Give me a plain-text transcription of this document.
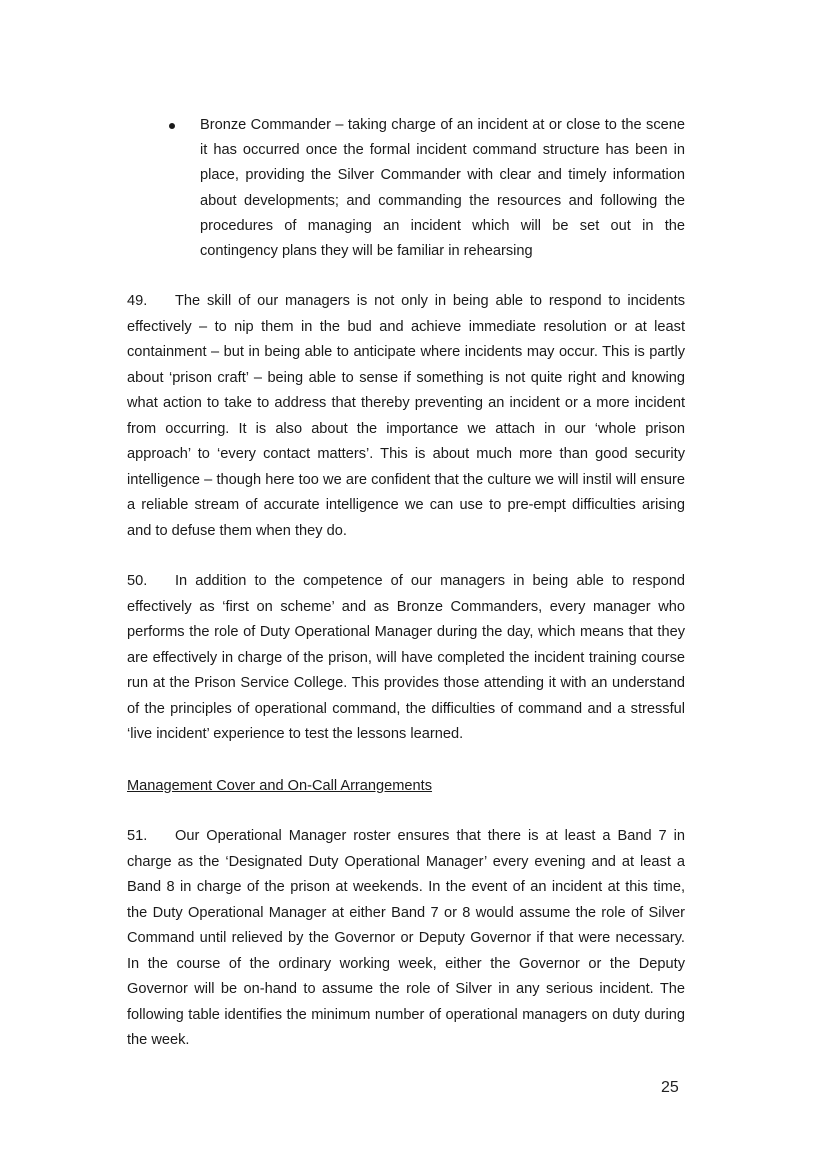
Bronze Commander – taking charge of an incident at or close to the scene it has occurred once the formal incident command structure has been in place, providing the Silver Commander with clear and timely information about developments; and commanding the resources and following the procedures of managing an incident which will be set out in the contingency plans they will be familiar in rehearsing
49. The skill of our managers is not only in being able to respond to incidents effectively – to nip them in the bud and achieve immediate resolution or at least containment – but in being able to anticipate where incidents may occur. This is partly about ‘prison craft’ – being able to sense if something is not quite right and knowing what action to take to address that thereby preventing an incident or a more incident from occurring. It is also about the importance we attach in our ‘whole prison approach’ to ‘every contact matters’. This is about much more than good security intelligence – though here too we are confident that the culture we will instil will ensure a reliable stream of accurate intelligence we can use to pre-empt difficulties arising and to defuse them when they do.
50. In addition to the competence of our managers in being able to respond effectively as ‘first on scheme’ and as Bronze Commanders, every manager who performs the role of Duty Operational Manager during the day, which means that they are effectively in charge of the prison, will have completed the incident training course run at the Prison Service College. This provides those attending it with an understand of the principles of operational command, the difficulties of command and a stressful ‘live incident’ experience to test the lessons learned.
Management Cover and On-Call Arrangements
51. Our Operational Manager roster ensures that there is at least a Band 7 in charge as the ‘Designated Duty Operational Manager’ every evening and at least a Band 8 in charge of the prison at weekends. In the event of an incident at this time, the Duty Operational Manager at either Band 7 or 8 would assume the role of Silver Command until relieved by the Governor or Deputy Governor if that were necessary. In the course of the ordinary working week, either the Governor or the Deputy Governor will be on-hand to assume the role of Silver in any serious incident. The following table identifies the minimum number of operational managers on duty during the week.
25
